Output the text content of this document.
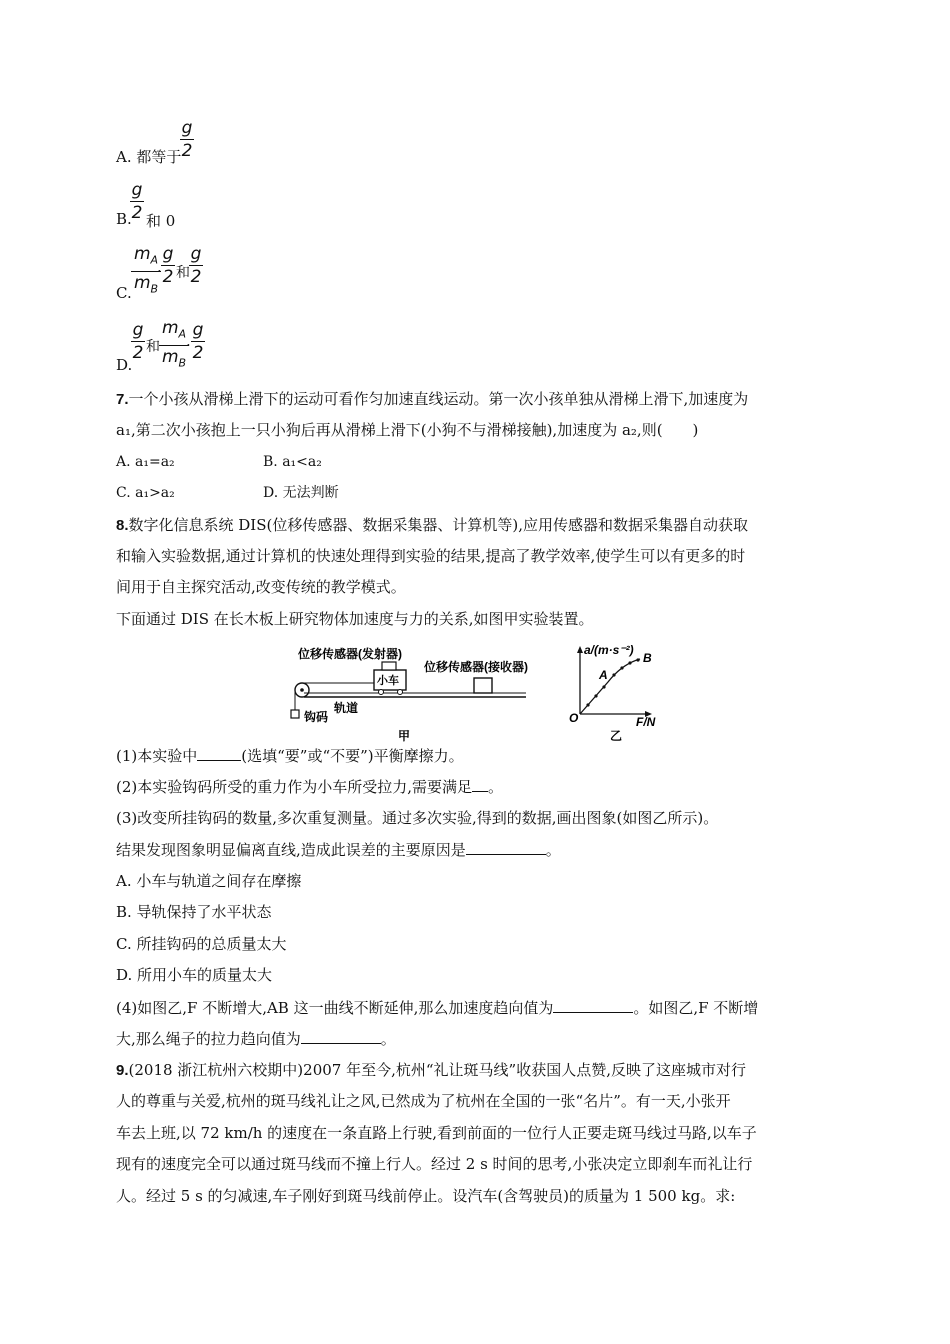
A. 都等于
g
2
B.
g
2 和 0
C.
$m_A$
$m_B$
·
g
2 和
g
2
D.
g
2 和
$m_A$
$m_B$
·
g
2
7.一个小孩从滑梯上滑下的运动可看作匀加速直线运动。第一次小孩单独从滑梯上滑下,加速度为
a₁,第二次小孩抱上一只小狗后再从滑梯上滑下(小狗不与滑梯接触),加速度为 a₂,则(　　)
A. a₁=a₂	B. a₁<a₂
C. a₁>a₂	D. 无法判断
8.数字化信息系统 DIS(位移传感器、数据采集器、计算机等),应用传感器和数据采集器自动获取
和输入实验数据,通过计算机的快速处理得到实验的结果,提高了教学效率,使学生可以有更多的时
间用于自主探究活动,改变传统的教学模式。
下面通过 DIS 在长木板上研究物体加速度与力的关系,如图甲实验装置。
位移传感器(发射器)
位移传感器(接收器)
钩码
小车
轨道
甲
a/(m·s⁻²)
F/N
O
A
B
乙
(1)本实验中	(选填“要”或“不要”)平衡摩擦力。
(2)本实验钩码所受的重力作为小车所受拉力,需要满足 。
(3)改变所挂钩码的数量,多次重复测量。通过多次实验,得到的数据,画出图象(如图乙所示)。
结果发现图象明显偏离直线,造成此误差的主要原因是	。
A. 小车与轨道之间存在摩擦
B. 导轨保持了水平状态
C. 所挂钩码的总质量太大
D. 所用小车的质量太大
(4)如图乙,F 不断增大,AB 这一曲线不断延伸,那么加速度趋向值为	。如图乙,F 不断增
大,那么绳子的拉力趋向值为	。
9.(2018 浙江杭州六校期中)2007 年至今,杭州“礼让斑马线”收获国人点赞,反映了这座城市对行
人的尊重与关爱,杭州的斑马线礼让之风,已然成为了杭州在全国的一张“名片”。有一天,小张开
车去上班,以 72 km/h 的速度在一条直路上行驶,看到前面的一位行人正要走斑马线过马路,以车子
现有的速度完全可以通过斑马线而不撞上行人。经过 2 s 时间的思考,小张决定立即刹车而礼让行
人。经过 5 s 的匀减速,车子刚好到斑马线前停止。设汽车(含驾驶员)的质量为 1 500 kg。求:
